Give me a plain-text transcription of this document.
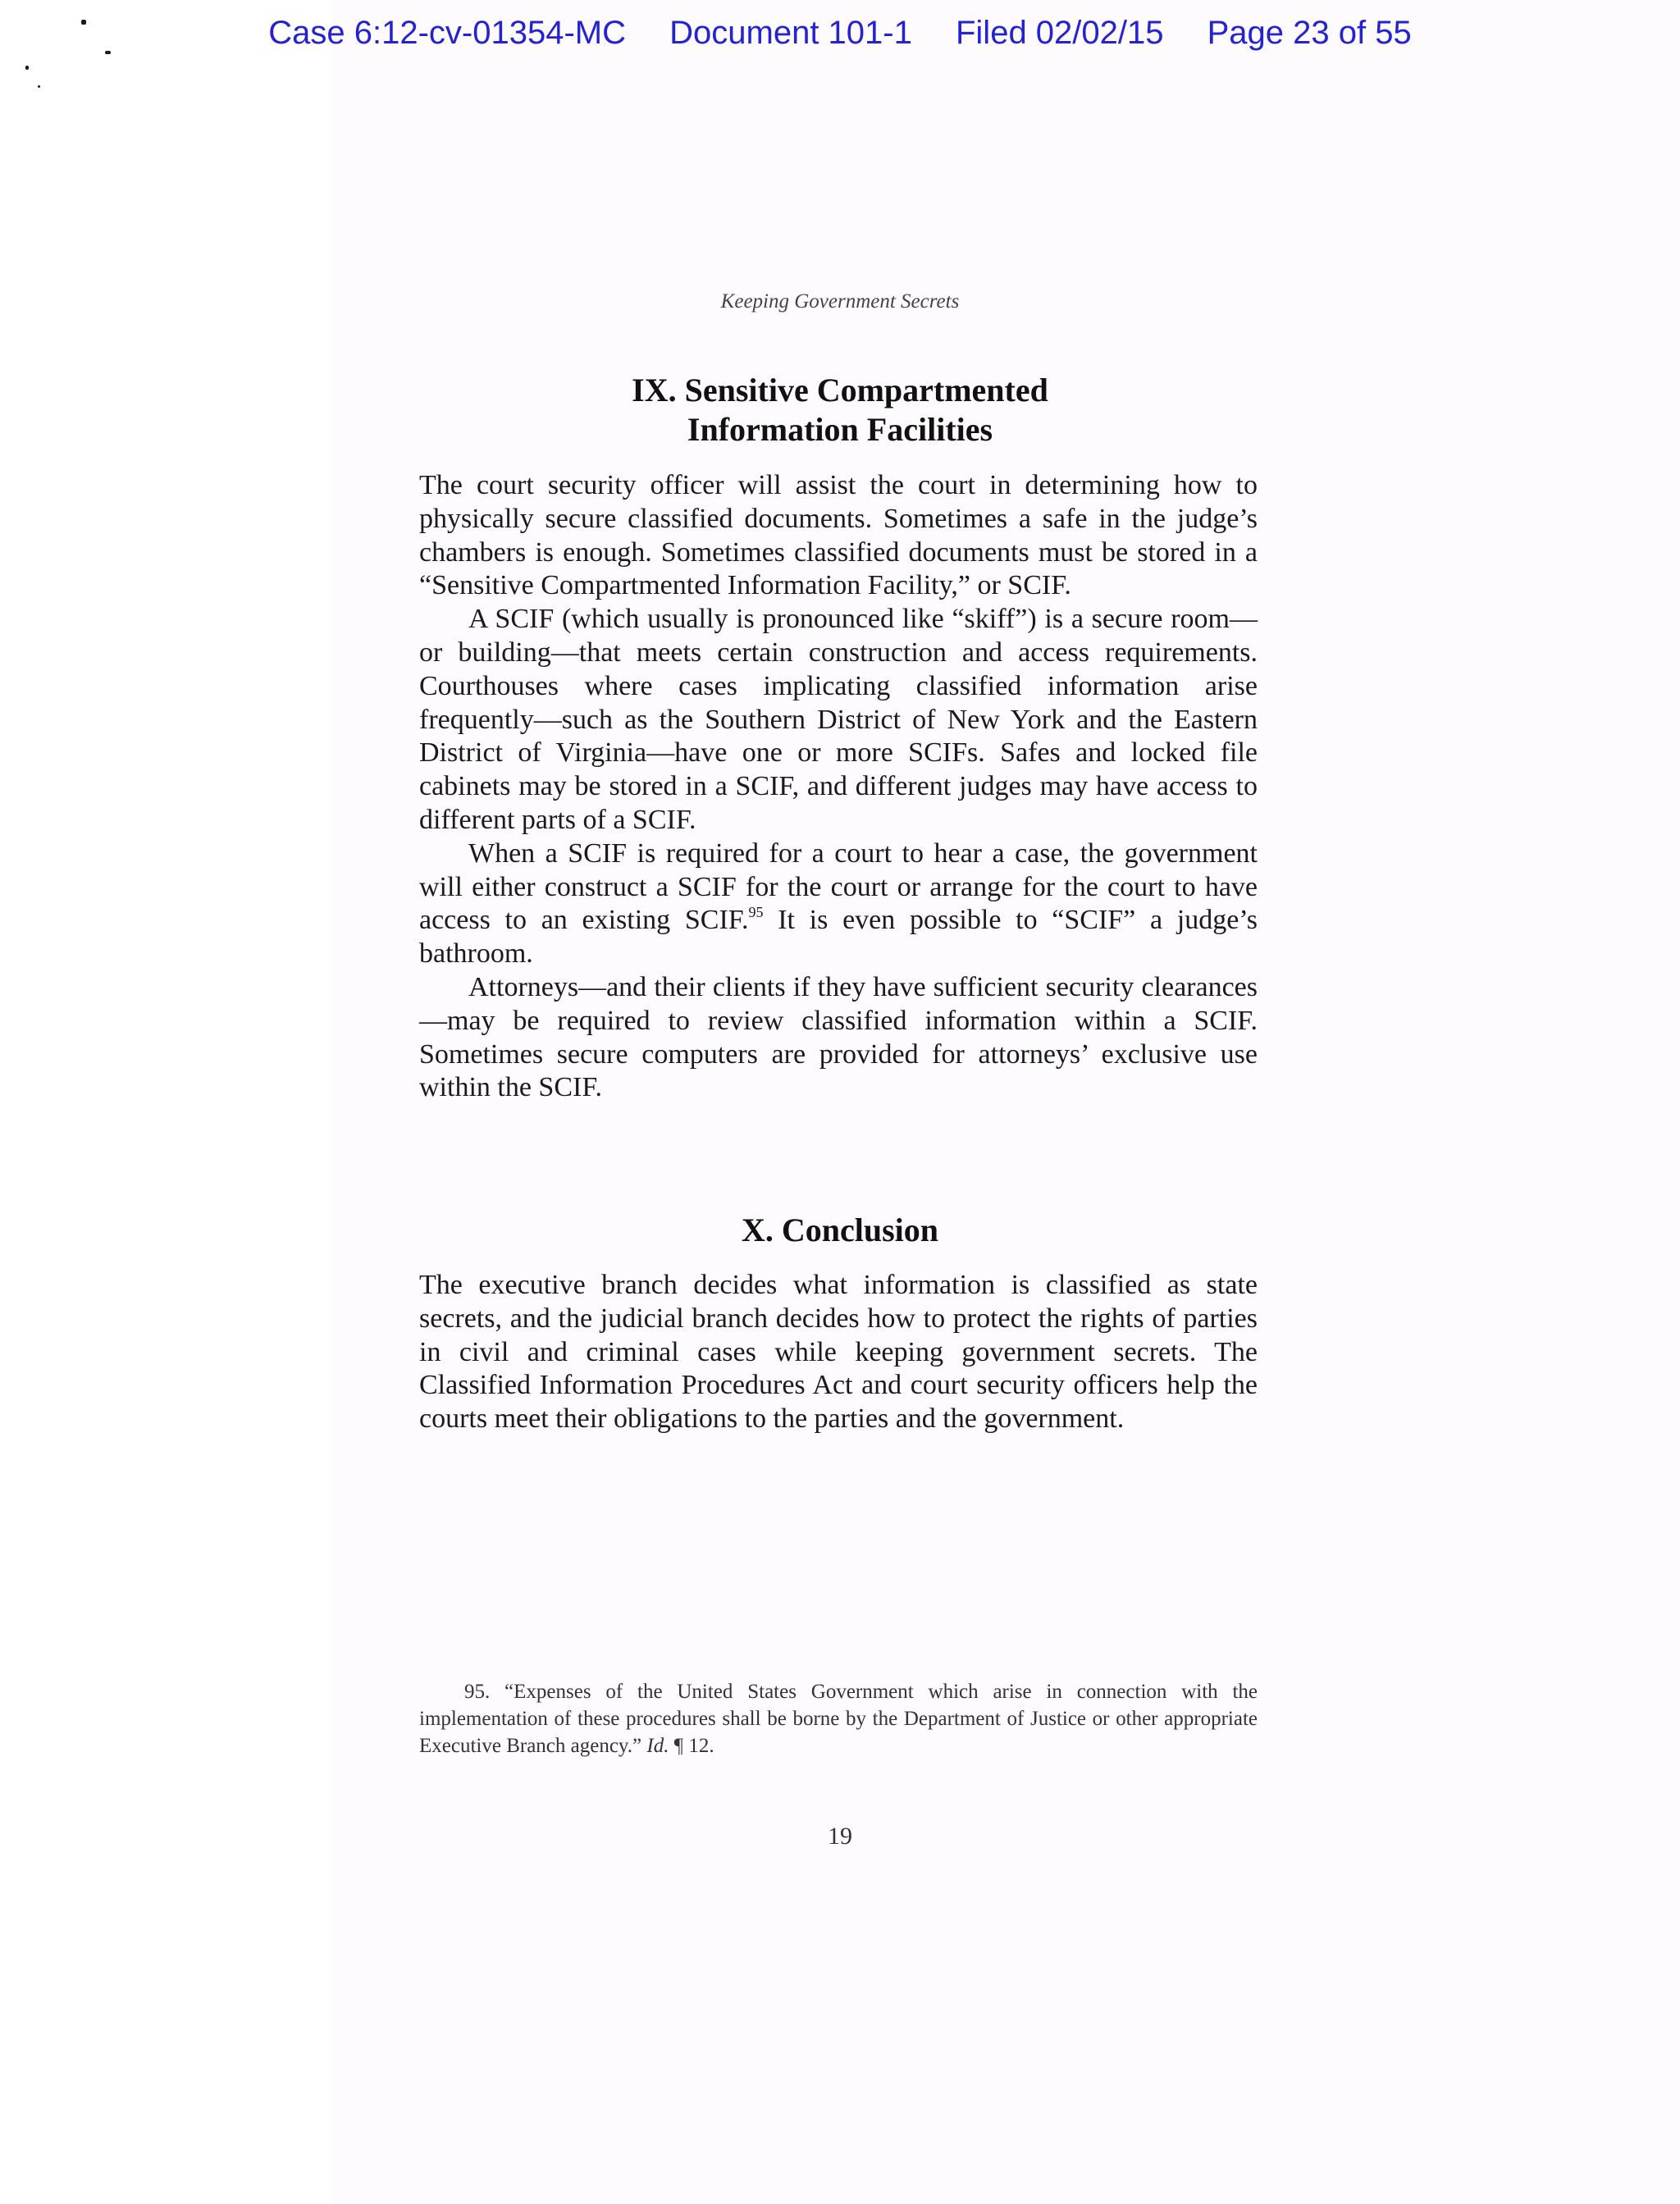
Case 6:12-cv-01354-MC Document 101-1 Filed 02/02/15 Page 23 of 55
Keeping Government Secrets
IX. Sensitive Compartmented
Information Facilities

The court security officer will assist the court in determining how to physically secure classified documents. Sometimes a safe in the judge’s chambers is enough. Sometimes classified documents must be stored in a “Sensitive Compartmented Information Facility,” or SCIF.

A SCIF (which usually is pronounced like “skiff”) is a secure room—or building—that meets certain construction and access requirements. Courthouses where cases implicating classified information arise frequently—such as the Southern District of New York and the Eastern District of Virginia—have one or more SCIFs. Safes and locked file cabinets may be stored in a SCIF, and different judges may have access to different parts of a SCIF.

When a SCIF is required for a court to hear a case, the government will either construct a SCIF for the court or arrange for the court to have access to an existing SCIF.$^{95}$ It is even possible to “SCIF” a judge’s bathroom.

Attorneys—and their clients if they have sufficient security clearances—may be required to review classified information within a SCIF. Sometimes secure computers are provided for attorneys’ exclusive use within the SCIF.

X. Conclusion

The executive branch decides what information is classified as state secrets, and the judicial branch decides how to protect the rights of parties in civil and criminal cases while keeping government secrets. The Classified Information Procedures Act and court security officers help the courts meet their obligations to the parties and the government.

95. “Expenses of the United States Government which arise in connection with the implementation of these procedures shall be borne by the Department of Justice or other appropriate Executive Branch agency.” Id. ¶ 12.

19
